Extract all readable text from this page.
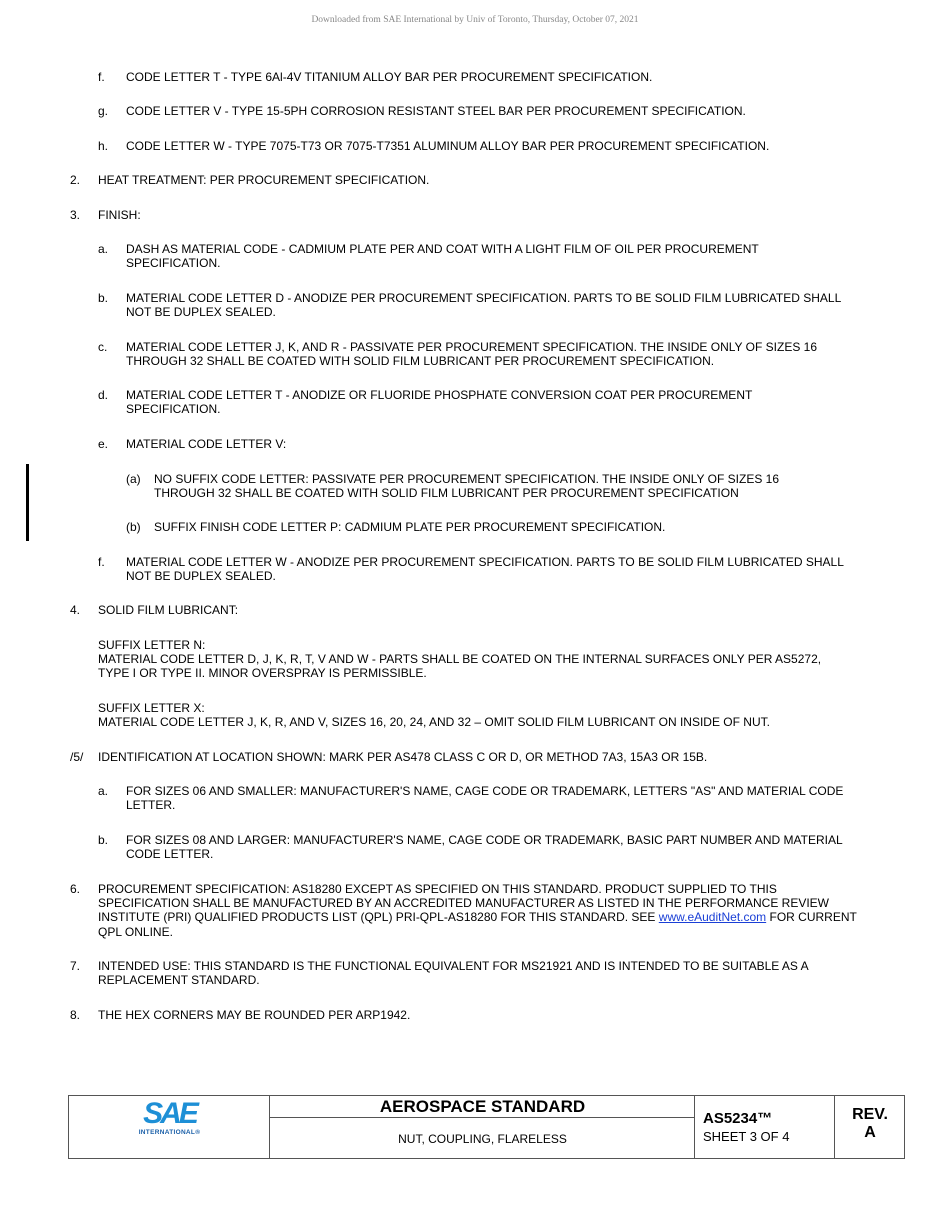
Downloaded from SAE International by Univ of Toronto, Thursday, October 07, 2021
f. CODE LETTER T - TYPE 6Al-4V TITANIUM ALLOY BAR PER PROCUREMENT SPECIFICATION.
g. CODE LETTER V - TYPE 15-5PH CORROSION RESISTANT STEEL BAR PER PROCUREMENT SPECIFICATION.
h. CODE LETTER W - TYPE 7075-T73 OR 7075-T7351 ALUMINUM ALLOY BAR PER PROCUREMENT SPECIFICATION.
2. HEAT TREATMENT: PER PROCUREMENT SPECIFICATION.
3. FINISH:
a. DASH AS MATERIAL CODE - CADMIUM PLATE PER AND COAT WITH A LIGHT FILM OF OIL PER PROCUREMENT
SPECIFICATION.
b. MATERIAL CODE LETTER D - ANODIZE PER PROCUREMENT SPECIFICATION. PARTS TO BE SOLID FILM LUBRICATED SHALL
NOT BE DUPLEX SEALED.
c. MATERIAL CODE LETTER J, K, AND R - PASSIVATE PER PROCUREMENT SPECIFICATION. THE INSIDE ONLY OF SIZES 16
THROUGH 32 SHALL BE COATED WITH SOLID FILM LUBRICANT PER PROCUREMENT SPECIFICATION.
d. MATERIAL CODE LETTER T - ANODIZE OR FLUORIDE PHOSPHATE CONVERSION COAT PER PROCUREMENT
SPECIFICATION.
e. MATERIAL CODE LETTER V:
(a) NO SUFFIX CODE LETTER: PASSIVATE PER PROCUREMENT SPECIFICATION. THE INSIDE ONLY OF SIZES 16
THROUGH 32 SHALL BE COATED WITH SOLID FILM LUBRICANT PER PROCUREMENT SPECIFICATION
(b) SUFFIX FINISH CODE LETTER P: CADMIUM PLATE PER PROCUREMENT SPECIFICATION.
f. MATERIAL CODE LETTER W - ANODIZE PER PROCUREMENT SPECIFICATION. PARTS TO BE SOLID FILM LUBRICATED SHALL
NOT BE DUPLEX SEALED.
4. SOLID FILM LUBRICANT:
SUFFIX LETTER N:
MATERIAL CODE LETTER D, J, K, R, T, V AND W - PARTS SHALL BE COATED ON THE INTERNAL SURFACES ONLY PER AS5272,
TYPE I OR TYPE II. MINOR OVERSPRAY IS PERMISSIBLE.
SUFFIX LETTER X:
MATERIAL CODE LETTER J, K, R, AND V, SIZES 16, 20, 24, AND 32 – OMIT SOLID FILM LUBRICANT ON INSIDE OF NUT.
/5/ IDENTIFICATION AT LOCATION SHOWN: MARK PER AS478 CLASS C OR D, OR METHOD 7A3, 15A3 OR 15B.
a. FOR SIZES 06 AND SMALLER: MANUFACTURER'S NAME, CAGE CODE OR TRADEMARK, LETTERS "AS" AND MATERIAL CODE
LETTER.
b. FOR SIZES 08 AND LARGER: MANUFACTURER'S NAME, CAGE CODE OR TRADEMARK, BASIC PART NUMBER AND MATERIAL
CODE LETTER.
6. PROCUREMENT SPECIFICATION: AS18280 EXCEPT AS SPECIFIED ON THIS STANDARD. PRODUCT SUPPLIED TO THIS
SPECIFICATION SHALL BE MANUFACTURED BY AN ACCREDITED MANUFACTURER AS LISTED IN THE PERFORMANCE REVIEW
INSTITUTE (PRI) QUALIFIED PRODUCTS LIST (QPL) PRI-QPL-AS18280 FOR THIS STANDARD. SEE www.eAuditNet.com FOR CURRENT
QPL ONLINE.
7. INTENDED USE: THIS STANDARD IS THE FUNCTIONAL EQUIVALENT FOR MS21921 AND IS INTENDED TO BE SUITABLE AS A
REPLACEMENT STANDARD.
8. THE HEX CORNERS MAY BE ROUNDED PER ARP1942.
SAE
INTERNATIONAL®
AEROSPACE STANDARD
NUT, COUPLING, FLARELESS
AS5234™
SHEET 3 OF 4
REV.
A
